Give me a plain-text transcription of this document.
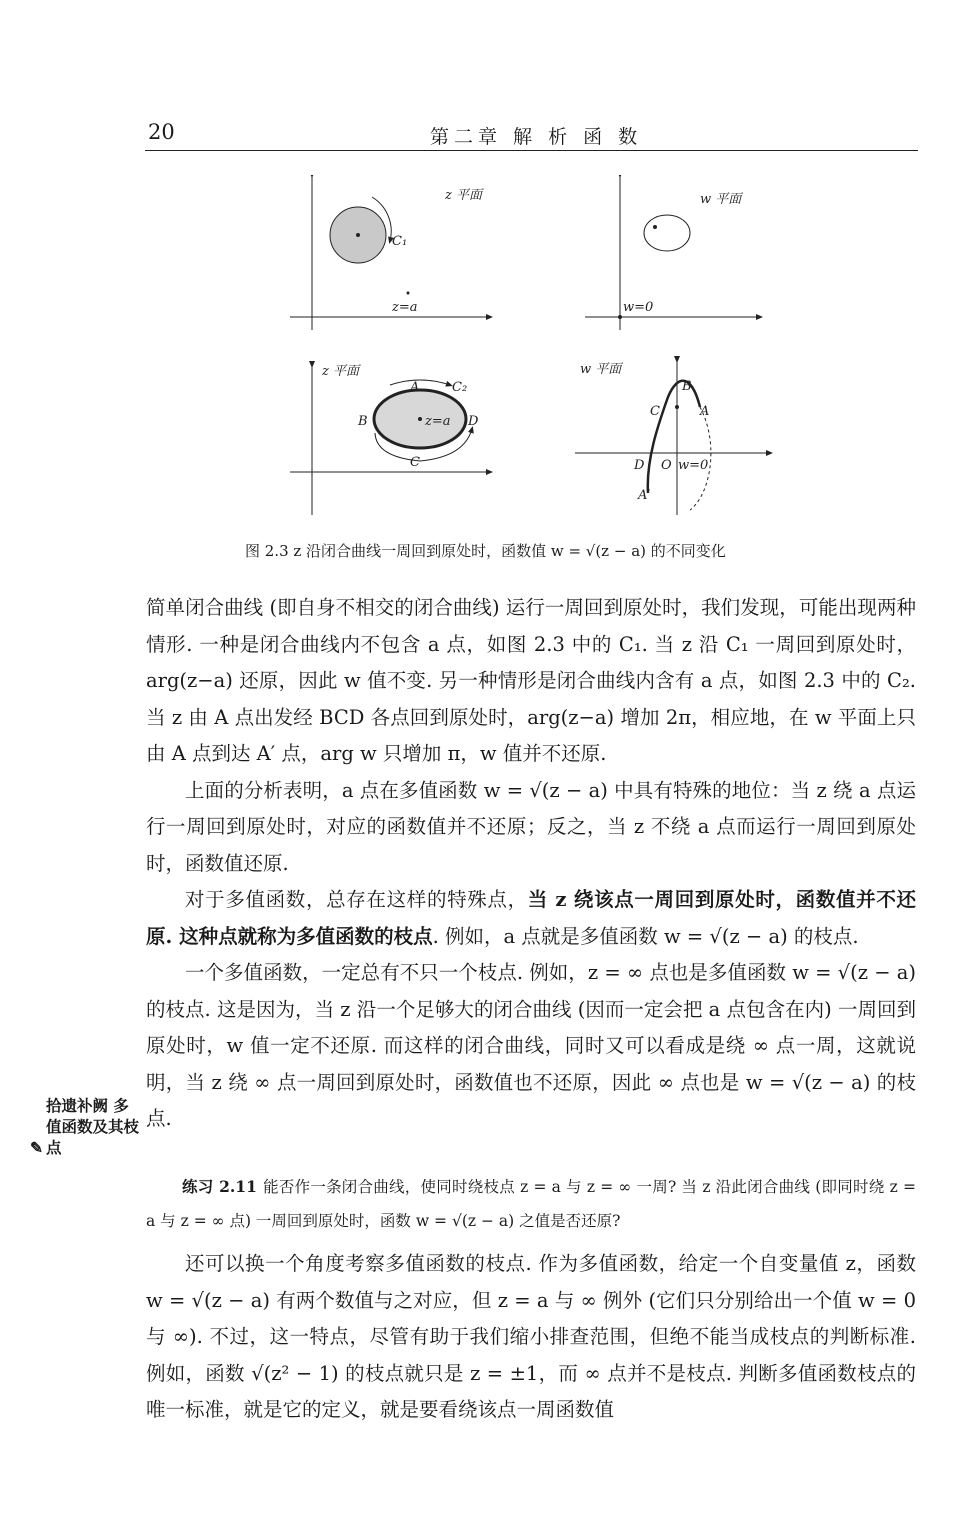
20	第二章 解 析 函 数
z 平面
C₁
z=a
w 平面
w=0
z 平面
A	C₂
B	z=a D
C
w 平面
B
C	A
D O w=0
A′
图 2.3 z 沿闭合曲线一周回到原处时，函数值 w = √(z − a) 的不同变化

简单闭合曲线 (即自身不相交的闭合曲线) 运行一周回到原处时，我们发现，可能出现两种情形. 一种是闭合曲线内不包含 a 点，如图 2.3 中的 C₁. 当 z 沿 C₁ 一周回到原处时，arg(z−a) 还原，因此 w 值不变. 另一种情形是闭合曲线内含有 a 点，如图 2.3 中的 C₂. 当 z 由 A 点出发经 BCD 各点回到原处时，arg(z−a) 增加 2π，相应地，在 w 平面上只由 A 点到达 A′ 点，arg w 只增加 π，w 值并不还原.

上面的分析表明，a 点在多值函数 w = √(z − a) 中具有特殊的地位：当 z 绕 a 点运行一周回到原处时，对应的函数值并不还原；反之，当 z 不绕 a 点而运行一周回到原处时，函数值还原.

对于多值函数，总存在这样的特殊点，当 z 绕该点一周回到原处时，函数值并不还原. 这种点就称为多值函数的枝点. 例如，a 点就是多值函数 w = √(z − a) 的枝点.

一个多值函数，一定总有不只一个枝点. 例如，z = ∞ 点也是多值函数 w = √(z − a) 的枝点. 这是因为，当 z 沿一个足够大的闭合曲线 (因而一定会把 a 点包含在内) 一周回到原处时，w 值一定不还原. 而这样的闭合曲线，同时又可以看成是绕 ∞ 点一周，这就说明，当 z 绕 ∞ 点一周回到原处时，函数值也不还原，因此 ∞ 点也是 w = √(z − a) 的枝点.

✎拾遗补阙 多值函数及其枝点
练习 2.11 能否作一条闭合曲线，使同时绕枝点 z = a 与 z = ∞ 一周? 当 z 沿此闭合曲线 (即同时绕 z = a 与 z = ∞ 点) 一周回到原处时，函数 w = √(z − a) 之值是否还原?

还可以换一个角度考察多值函数的枝点. 作为多值函数，给定一个自变量值 z，函数 w = √(z − a) 有两个数值与之对应，但 z = a 与 ∞ 例外 (它们只分别给出一个值 w = 0 与 ∞). 不过，这一特点，尽管有助于我们缩小排查范围，但绝不能当成枝点的判断标准. 例如，函数 √(z² − 1) 的枝点就只是 z = ±1，而 ∞ 点并不是枝点. 判断多值函数枝点的唯一标准，就是它的定义，就是要看绕该点一周函数值
